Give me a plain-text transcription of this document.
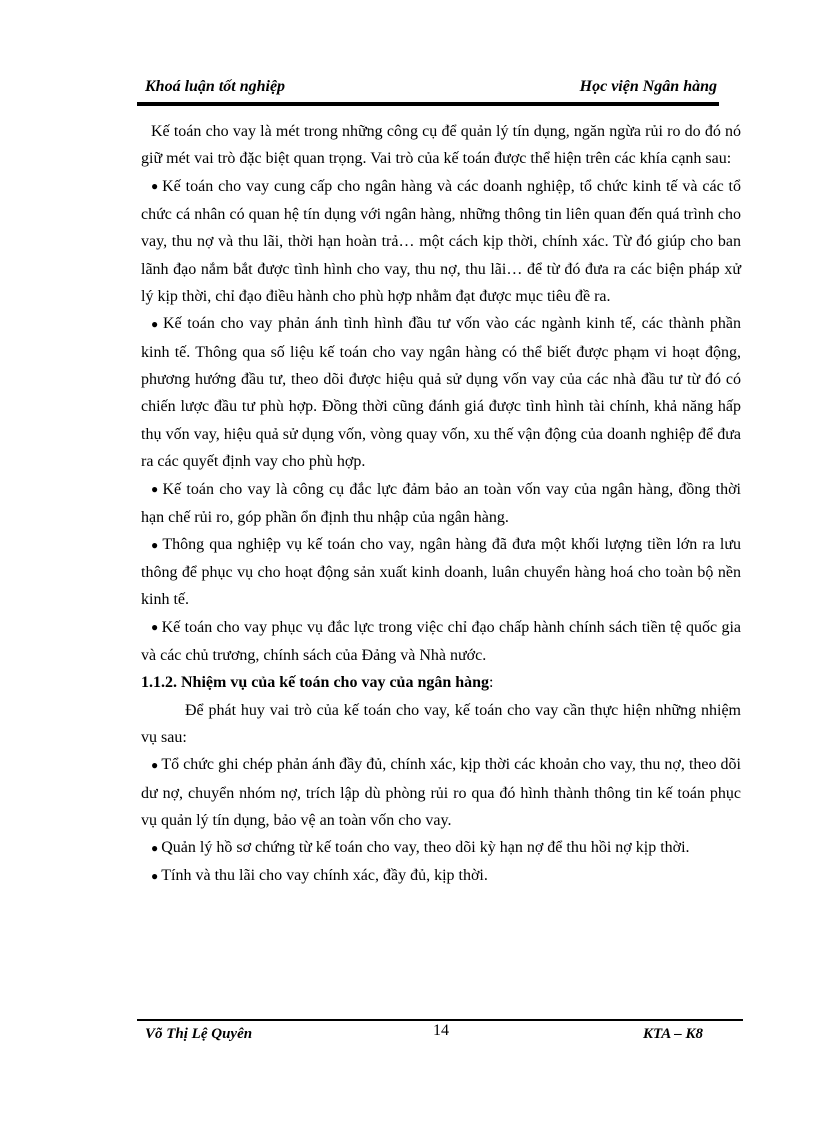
Khoá luận tốt nghiệp	Học viện Ngân hàng

Kế toán cho vay là mét trong những công cụ để quản lý tín dụng, ngăn ngừa rủi ro do đó nó giữ mét vai trò đặc biệt quan trọng. Vai trò của kế toán được thể hiện trên các khía cạnh sau:

● Kế toán cho vay cung cấp cho ngân hàng và các doanh nghiệp, tổ chức kinh tế và các tổ chức cá nhân có quan hệ tín dụng với ngân hàng, những thông tin liên quan đến quá trình cho vay, thu nợ và thu lãi, thời hạn hoàn trả… một cách kịp thời, chính xác. Từ đó giúp cho ban lãnh đạo nắm bắt được tình hình cho vay, thu nợ, thu lãi… để từ đó đưa ra các biện pháp xử lý kịp thời, chỉ đạo điều hành cho phù hợp nhằm đạt được mục tiêu đề ra.

● Kế toán cho vay phản ánh tình hình đầu tư vốn vào các ngành kinh tế, các thành phần kinh tế. Thông qua số liệu kế toán cho vay ngân hàng có thể biết được phạm vi hoạt động, phương hướng đầu tư, theo dõi được hiệu quả sử dụng vốn vay của các nhà đầu tư từ đó có chiến lược đầu tư phù hợp. Đồng thời cũng đánh giá được tình hình tài chính, khả năng hấp thụ vốn vay, hiệu quả sử dụng vốn, vòng quay vốn, xu thế vận động của doanh nghiệp để đưa ra các quyết định vay cho phù hợp.

● Kế toán cho vay là công cụ đắc lực đảm bảo an toàn vốn vay của ngân hàng, đồng thời hạn chế rủi ro, góp phần ổn định thu nhập của ngân hàng.

● Thông qua nghiệp vụ kế toán cho vay, ngân hàng đã đưa một khối lượng tiền lớn ra lưu thông để phục vụ cho hoạt động sản xuất kinh doanh, luân chuyển hàng hoá cho toàn bộ nền kinh tế.

● Kế toán cho vay phục vụ đắc lực trong việc chỉ đạo chấp hành chính sách tiền tệ quốc gia và các chủ trương, chính sách của Đảng và Nhà nước.

1.1.2. Nhiệm vụ của kế toán cho vay của ngân hàng:

Để phát huy vai trò của kế toán cho vay, kế toán cho vay cần thực hiện những nhiệm vụ sau:

● Tổ chức ghi chép phản ánh đầy đủ, chính xác, kịp thời các khoản cho vay, thu nợ, theo dõi dư nợ, chuyển nhóm nợ, trích lập dù phòng rủi ro qua đó hình thành thông tin kế toán phục vụ quản lý tín dụng, bảo vệ an toàn vốn cho vay.

● Quản lý hồ sơ chứng từ kế toán cho vay, theo dõi kỳ hạn nợ để thu hồi nợ kịp thời.

● Tính và thu lãi cho vay chính xác, đầy đủ, kịp thời.

Võ Thị Lệ Quyên	14	KTA – K8
